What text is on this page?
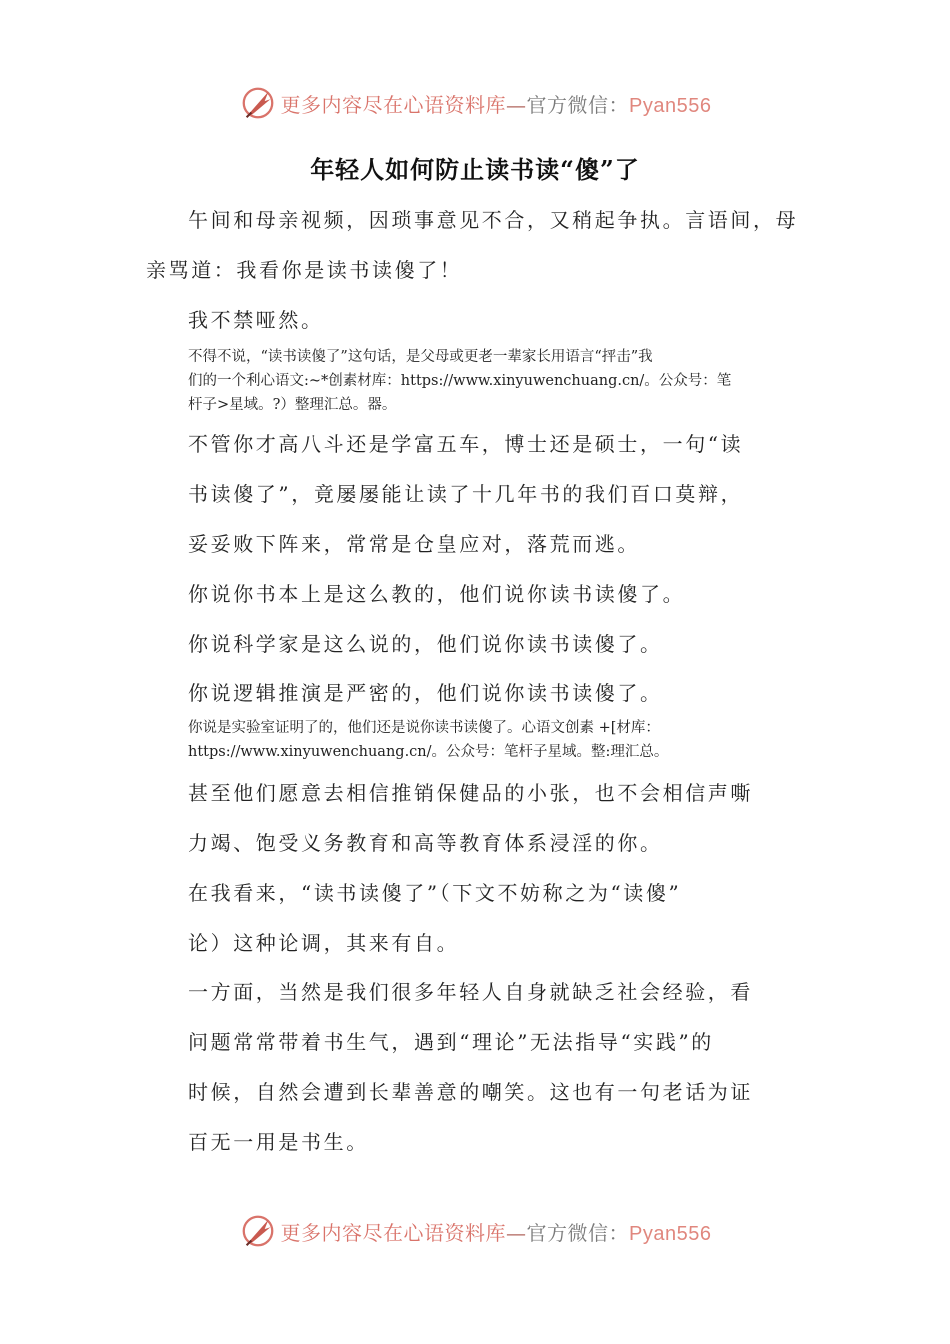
更多内容尽在心语资料库—官方微信：Pyan556
年轻人如何防止读书读“傻”了
午间和母亲视频，因琐事意见不合，又稍起争执。言语间，母
亲骂道：我看你是读书读傻了！
我不禁哑然。
不得不说，“读书读傻了”这句话，是父母或更老一辈家长用语言“抨击”我
们的一个利心语文:~*创素材库：https://www.xinyuwenchuang.cn/。公众号：笔
杆子>星域。?）整理汇总。器。
不管你才高八斗还是学富五车，博士还是硕士，一句“读
书读傻了”，竟屡屡能让读了十几年书的我们百口莫辩，
妥妥败下阵来，常常是仓皇应对，落荒而逃。
你说你书本上是这么教的，他们说你读书读傻了。
你说科学家是这么说的，他们说你读书读傻了。
你说逻辑推演是严密的，他们说你读书读傻了。
你说是实验室证明了的，他们还是说你读书读傻了。心语文创素 +[材库：
https://www.xinyuwenchuang.cn/。公众号：笔杆子星域。整:理汇总。
甚至他们愿意去相信推销保健品的小张，也不会相信声嘶
力竭、饱受义务教育和高等教育体系浸淫的你。
在我看来，“读书读傻了”（下文不妨称之为“读傻”
论）这种论调，其来有自。
一方面，当然是我们很多年轻人自身就缺乏社会经验，看
问题常常带着书生气，遇到“理论”无法指导“实践”的
时候，自然会遭到长辈善意的嘲笑。这也有一句老话为证
百无一用是书生。
更多内容尽在心语资料库—官方微信：Pyan556
